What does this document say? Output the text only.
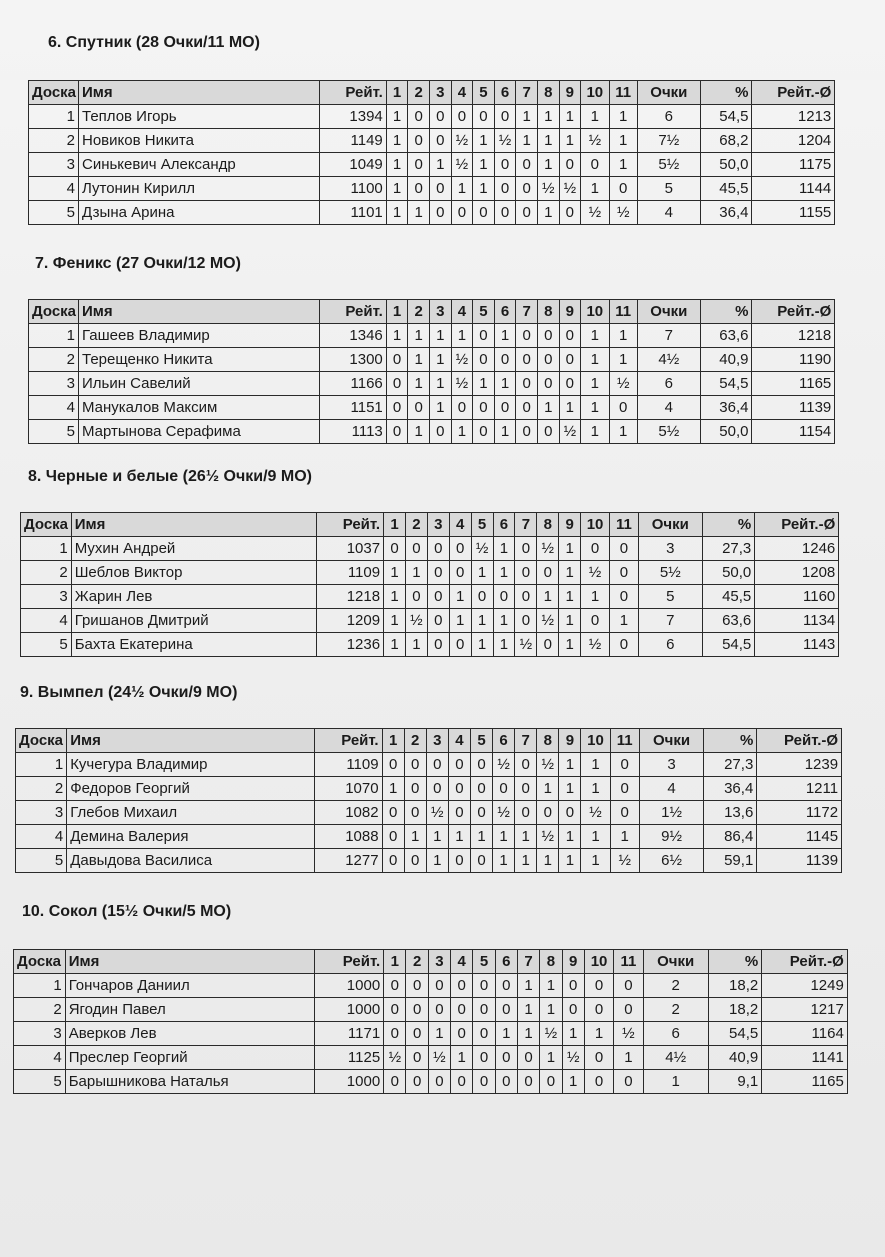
6. Спутник (28 Очки/11 МО)
Доска	Имя	Рейт.	1	2	3	4	5	6	7	8	9	10	11	Очки	%	Рейт.-Ø
1	Теплов Игорь	1394	1	0	0	0	0	0	1	1	1	1	1	6	54,5	1213
2	Новиков Никита	1149	1	0	0	½	1	½	1	1	1	½	1	7½	68,2	1204
3	Синькевич Александр	1049	1	0	1	½	1	0	0	1	0	0	1	5½	50,0	1175
4	Лутонин Кирилл	1100	1	0	0	1	1	0	0	½	½	1	0	5	45,5	1144
5	Дзына Арина	1101	1	1	0	0	0	0	0	1	0	½	½	4	36,4	1155
7. Феникс (27 Очки/12 МО)
Доска	Имя	Рейт.	1	2	3	4	5	6	7	8	9	10	11	Очки	%	Рейт.-Ø
1	Гашеев Владимир	1346	1	1	1	1	0	1	0	0	0	1	1	7	63,6	1218
2	Терещенко Никита	1300	0	1	1	½	0	0	0	0	0	1	1	4½	40,9	1190
3	Ильин Савелий	1166	0	1	1	½	1	1	0	0	0	1	½	6	54,5	1165
4	Манукалов Максим	1151	0	0	1	0	0	0	0	1	1	1	0	4	36,4	1139
5	Мартынова Серафима	1113	0	1	0	1	0	1	0	0	½	1	1	5½	50,0	1154
8. Черные и белые (26½ Очки/9 МО)
Доска	Имя	Рейт.	1	2	3	4	5	6	7	8	9	10	11	Очки	%	Рейт.-Ø
1	Мухин Андрей	1037	0	0	0	0	½	1	0	½	1	0	0	3	27,3	1246
2	Шеблов Виктор	1109	1	1	0	0	1	1	0	0	1	½	0	5½	50,0	1208
3	Жарин Лев	1218	1	0	0	1	0	0	0	1	1	1	0	5	45,5	1160
4	Гришанов Дмитрий	1209	1	½	0	1	1	1	0	½	1	0	1	7	63,6	1134
5	Бахта Екатерина	1236	1	1	0	0	1	1	½	0	1	½	0	6	54,5	1143
9. Вымпел (24½ Очки/9 МО)
Доска	Имя	Рейт.	1	2	3	4	5	6	7	8	9	10	11	Очки	%	Рейт.-Ø
1	Кучегура Владимир	1109	0	0	0	0	0	½	0	½	1	1	0	3	27,3	1239
2	Федоров Георгий	1070	1	0	0	0	0	0	0	1	1	1	0	4	36,4	1211
3	Глебов Михаил	1082	0	0	½	0	0	½	0	0	0	½	0	1½	13,6	1172
4	Демина Валерия	1088	0	1	1	1	1	1	1	½	1	1	1	9½	86,4	1145
5	Давыдова Василиса	1277	0	0	1	0	0	1	1	1	1	1	½	6½	59,1	1139
10. Сокол (15½ Очки/5 МО)
Доска	Имя	Рейт.	1	2	3	4	5	6	7	8	9	10	11	Очки	%	Рейт.-Ø
1	Гончаров Даниил	1000	0	0	0	0	0	0	1	1	0	0	0	2	18,2	1249
2	Ягодин Павел	1000	0	0	0	0	0	0	1	1	0	0	0	2	18,2	1217
3	Аверков Лев	1171	0	0	1	0	0	1	1	½	1	1	½	6	54,5	1164
4	Преслер Георгий	1125	½	0	½	1	0	0	0	1	½	0	1	4½	40,9	1141
5	Барышникова Наталья	1000	0	0	0	0	0	0	0	0	1	0	0	1	9,1	1165
